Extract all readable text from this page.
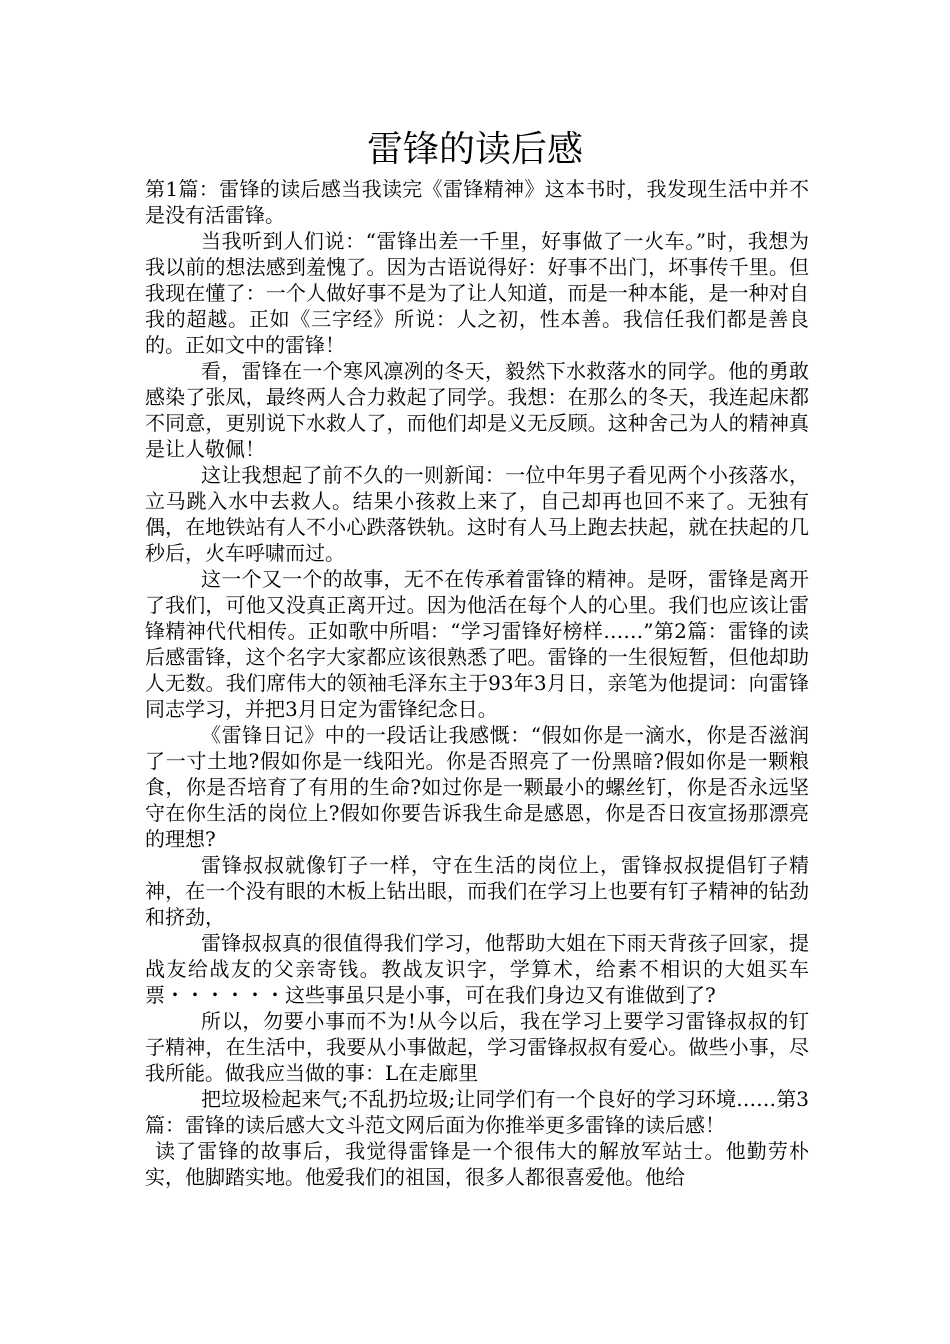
雷锋的读后感

第1篇：雷锋的读后感当我读完《雷锋精神》这本书时，我发现生活中并不是没有活雷锋。

当我听到人们说：“雷锋出差一千里，好事做了一火车。”时，我想为我以前的想法感到羞愧了。因为古语说得好：好事不出门，坏事传千里。但我现在懂了：一个人做好事不是为了让人知道，而是一种本能，是一种对自我的超越。正如《三字经》所说：人之初，性本善。我信任我们都是善良的。正如文中的雷锋！

看，雷锋在一个寒风凛冽的冬天，毅然下水救落水的同学。他的勇敢感染了张凤，最终两人合力救起了同学。我想：在那么的冬天，我连起床都不同意，更别说下水救人了，而他们却是义无反顾。这种舍己为人的精神真是让人敬佩！

这让我想起了前不久的一则新闻：一位中年男子看见两个小孩落水，立马跳入水中去救人。结果小孩救上来了，自己却再也回不来了。无独有偶，在地铁站有人不小心跌落铁轨。这时有人马上跑去扶起，就在扶起的几秒后，火车呼啸而过。

这一个又一个的故事，无不在传承着雷锋的精神。是呀，雷锋是离开了我们，可他又没真正离开过。因为他活在每个人的心里。我们也应该让雷锋精神代代相传。正如歌中所唱：“学习雷锋好榜样……”第2篇：雷锋的读后感雷锋，这个名字大家都应该很熟悉了吧。雷锋的一生很短暂，但他却助人无数。我们席伟大的领袖毛泽东主于93年3月日，亲笔为他提词：向雷锋同志学习，并把3月日定为雷锋纪念日。

《雷锋日记》中的一段话让我感慨：“假如你是一滴水，你是否滋润了一寸土地?假如你是一线阳光。你是否照亮了一份黑暗?假如你是一颗粮食，你是否培育了有用的生命?如过你是一颗最小的螺丝钉，你是否永远坚守在你生活的岗位上?假如你要告诉我生命是感恩，你是否日夜宣扬那漂亮的理想?

雷锋叔叔就像钉子一样，守在生活的岗位上，雷锋叔叔提倡钉子精神，在一个没有眼的木板上钻出眼，而我们在学习上也要有钉子精神的钻劲和挤劲，

雷锋叔叔真的很值得我们学习，他帮助大姐在下雨天背孩子回家，提战友给战友的父亲寄钱。教战友识字，学算术，给素不相识的大姐买车票・・・・・・这些事虽只是小事，可在我们身边又有谁做到了?

所以，勿要小事而不为!从今以后，我在学习上要学习雷锋叔叔的钉子精神，在生活中，我要从小事做起，学习雷锋叔叔有爱心。做些小事，尽我所能。做我应当做的事：L在走廊里

把垃圾检起来气;不乱扔垃圾;让同学们有一个良好的学习环境……第3篇：雷锋的读后感大文斗范文网后面为你推举更多雷锋的读后感！

读了雷锋的故事后，我觉得雷锋是一个很伟大的解放军站士。他勤劳朴实，他脚踏实地。他爱我们的祖国，很多人都很喜爱他。他给
